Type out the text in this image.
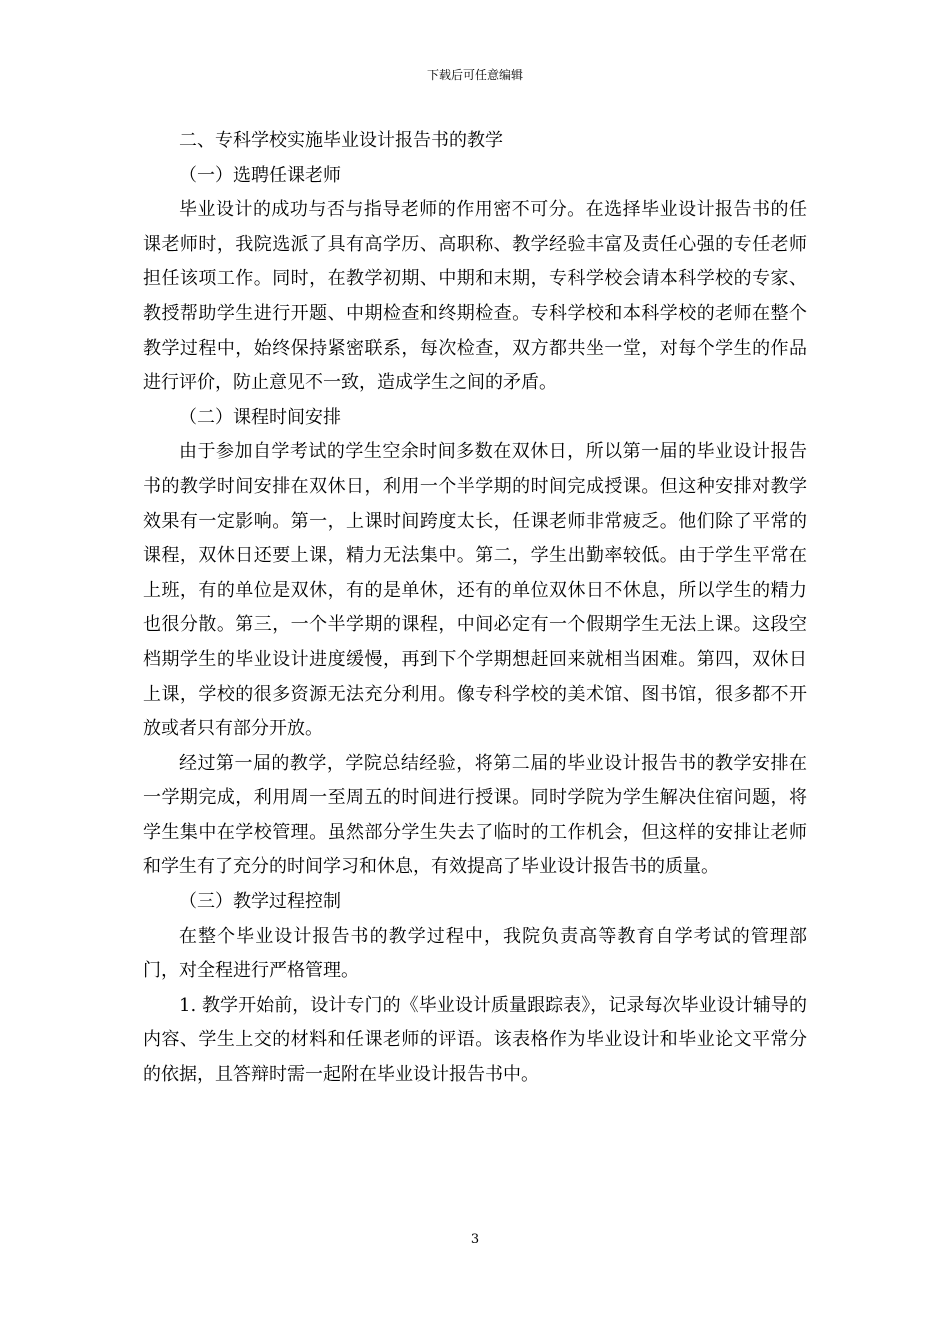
下载后可任意编辑

二、专科学校实施毕业设计报告书的教学

（一）选聘任课老师

毕业设计的成功与否与指导老师的作用密不可分。在选择毕业设计报告书的任课老师时，我院选派了具有高学历、高职称、教学经验丰富及责任心强的专任老师担任该项工作。同时，在教学初期、中期和末期，专科学校会请本科学校的专家、教授帮助学生进行开题、中期检查和终期检查。专科学校和本科学校的老师在整个教学过程中，始终保持紧密联系，每次检查，双方都共坐一堂，对每个学生的作品进行评价，防止意见不一致，造成学生之间的矛盾。

（二）课程时间安排

由于参加自学考试的学生空余时间多数在双休日，所以第一届的毕业设计报告书的教学时间安排在双休日，利用一个半学期的时间完成授课。但这种安排对教学效果有一定影响。第一，上课时间跨度太长，任课老师非常疲乏。他们除了平常的课程，双休日还要上课，精力无法集中。第二，学生出勤率较低。由于学生平常在上班，有的单位是双休，有的是单休，还有的单位双休日不休息，所以学生的精力也很分散。第三，一个半学期的课程，中间必定有一个假期学生无法上课。这段空档期学生的毕业设计进度缓慢，再到下个学期想赶回来就相当困难。第四，双休日上课，学校的很多资源无法充分利用。像专科学校的美术馆、图书馆，很多都不开放或者只有部分开放。

经过第一届的教学，学院总结经验，将第二届的毕业设计报告书的教学安排在一学期完成，利用周一至周五的时间进行授课。同时学院为学生解决住宿问题，将学生集中在学校管理。虽然部分学生失去了临时的工作机会，但这样的安排让老师和学生有了充分的时间学习和休息，有效提高了毕业设计报告书的质量。

（三）教学过程控制

在整个毕业设计报告书的教学过程中，我院负责高等教育自学考试的管理部门，对全程进行严格管理。

1. 教学开始前，设计专门的《毕业设计质量跟踪表》，记录每次毕业设计辅导的内容、学生上交的材料和任课老师的评语。该表格作为毕业设计和毕业论文平常分的依据，且答辩时需一起附在毕业设计报告书中。

3
